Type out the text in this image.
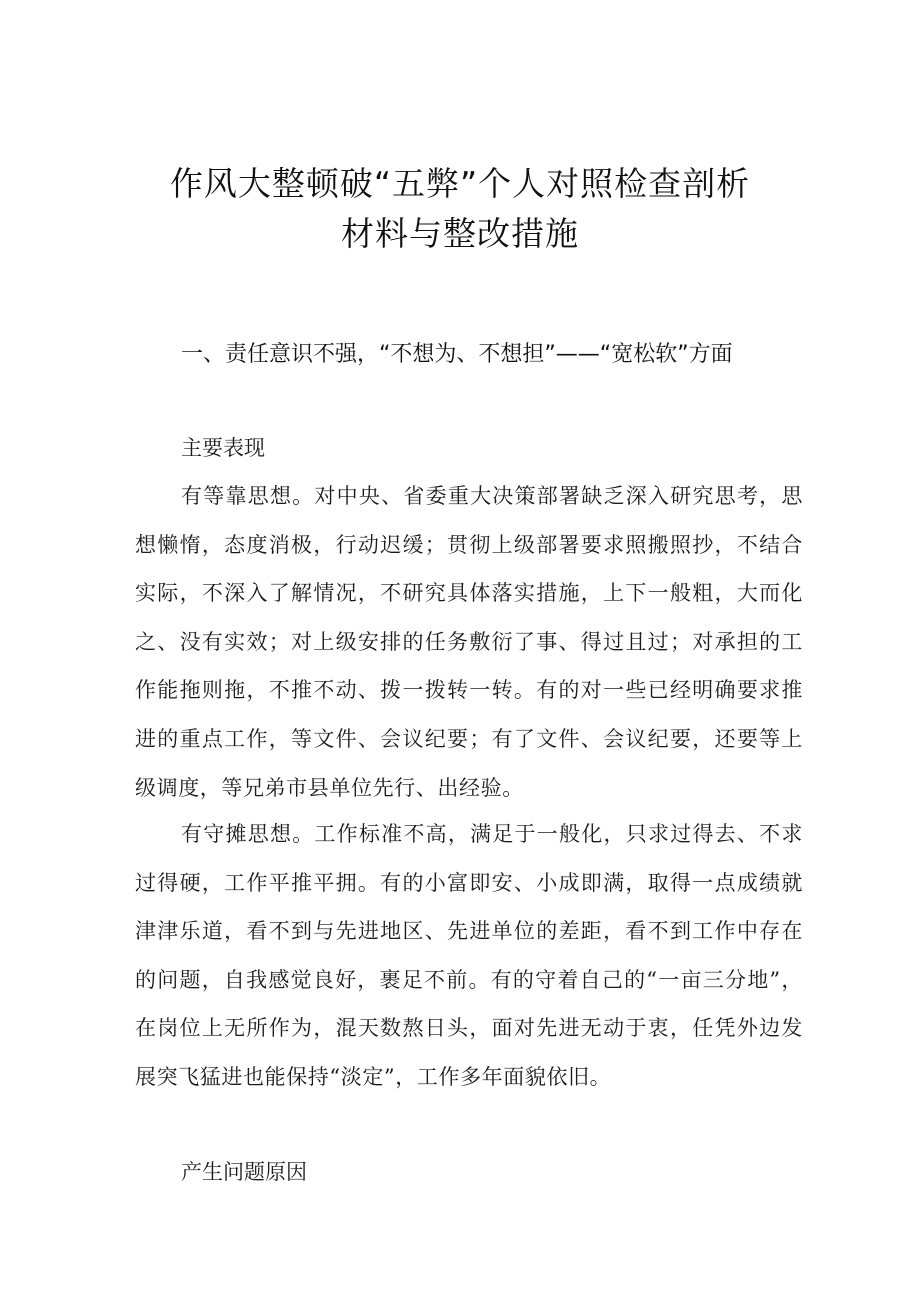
作风大整顿破“五弊”个人对照检查剖析
材料与整改措施
一、责任意识不强，“不想为、不想担”——“宽松软”方面
主要表现
有等靠思想。对中央、省委重大决策部署缺乏深入研究思考，思想懒惰，态度消极，行动迟缓；贯彻上级部署要求照搬照抄，不结合实际，不深入了解情况，不研究具体落实措施，上下一般粗，大而化之、没有实效；对上级安排的任务敷衍了事、得过且过；对承担的工作能拖则拖，不推不动、拨一拨转一转。有的对一些已经明确要求推进的重点工作，等文件、会议纪要；有了文件、会议纪要，还要等上级调度，等兄弟市县单位先行、出经验。
有守摊思想。工作标准不高，满足于一般化，只求过得去、不求过得硬，工作平推平拥。有的小富即安、小成即满，取得一点成绩就津津乐道，看不到与先进地区、先进单位的差距，看不到工作中存在的问题，自我感觉良好，裹足不前。有的守着自己的“一亩三分地”，在岗位上无所作为，混天数熬日头，面对先进无动于衷，任凭外边发展突飞猛进也能保持“淡定”，工作多年面貌依旧。
产生问题原因
